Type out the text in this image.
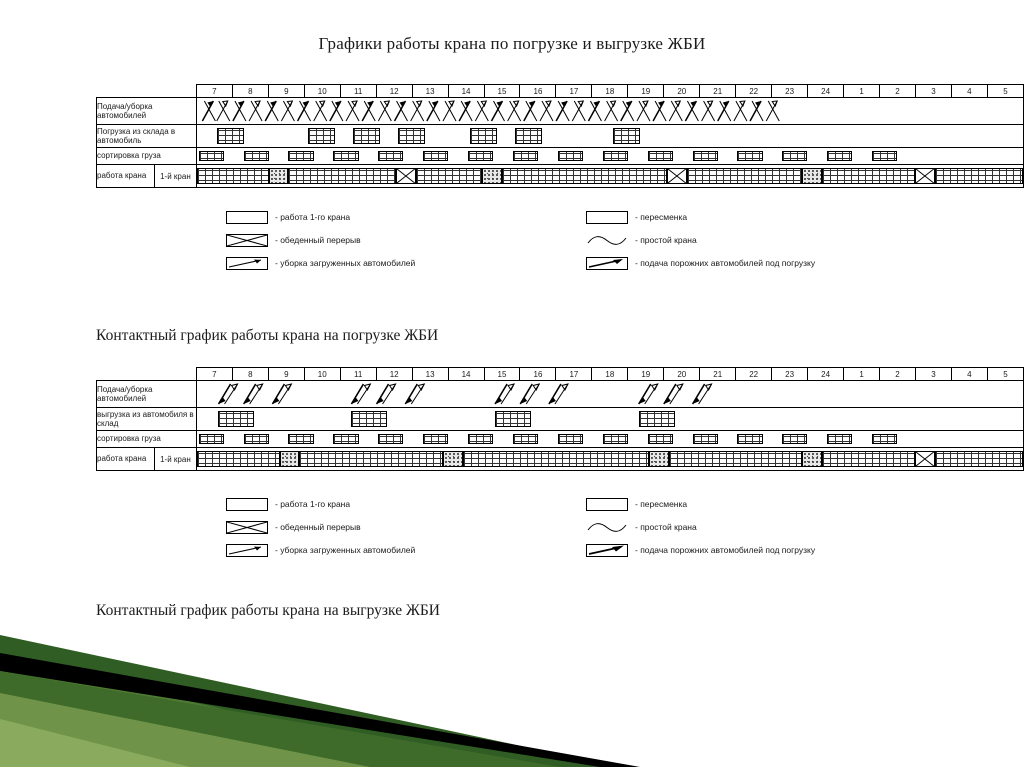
Графики работы крана по погрузке и выгрузке ЖБИ
		7	8	9	10	11	12	13	14	15	16	17	18	19	20	21	22	23	24	1	2	3	4	5
Подача/уборка автомобилей	

Погрузка из склада в автомобиль																								

сортировка груза																								

работа крана	1-й кран	
- работа 1-го крана
- обеденный перерыв
- уборка загруженных автомобилей
- пересменка
- простой крана
- подача порожних автомобилей под погрузку
Контактный график работы крана на погрузке ЖБИ
		7	8	9	10	11	12	13	14	15	16	17	18	19	20	21	22	23	24	1	2	3	4	5
Подача/уборка автомобилей	

выгрузка из автомобиля в склад																								

сортировка груза																								

работа крана	1-й кран	
- работа 1-го крана
- обеденный перерыв
- уборка загруженных автомобилей
- пересменка
- простой крана
- подача порожних автомобилей под погрузку
Контактный график работы крана на выгрузке ЖБИ
